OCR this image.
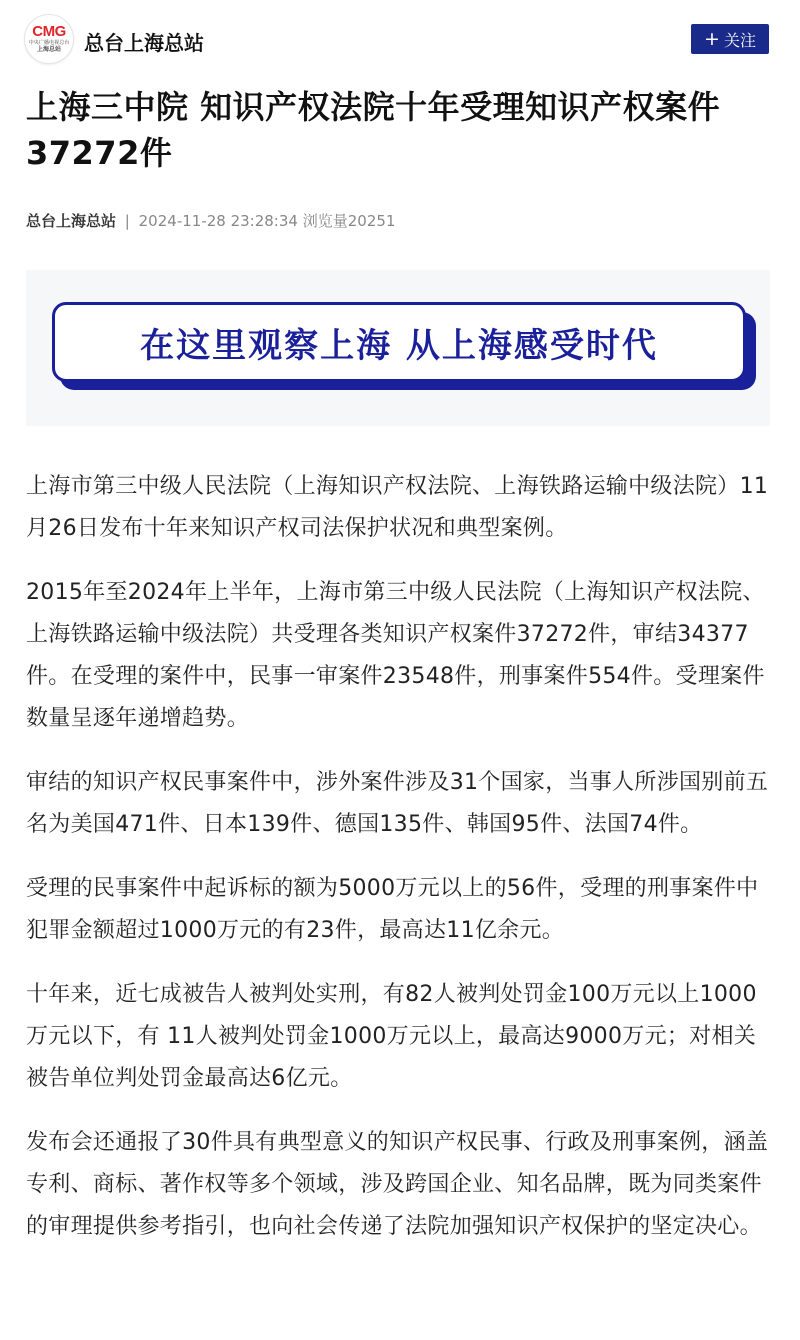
CMG
中央广播电视总台
上海总站 总台上海总站	+ 关注
上海三中院 知识产权法院十年受理知识产权案件37272件
总台上海总站 | 2024-11-28 23:28:34 浏览量20251
在这里观察上海 从上海感受时代

上海市第三中级人民法院（上海知识产权法院、上海铁路运输中级法院）11月26日发布十年来知识产权司法保护状况和典型案例。

2015年至2024年上半年，上海市第三中级人民法院（上海知识产权法院、上海铁路运输中级法院）共受理各类知识产权案件37272件，审结34377件。在受理的案件中，民事一审案件23548件，刑事案件554件。受理案件数量呈逐年递增趋势。

审结的知识产权民事案件中，涉外案件涉及31个国家，当事人所涉国别前五名为美国471件、日本139件、德国135件、韩国95件、法国74件。

受理的民事案件中起诉标的额为5000万元以上的56件，受理的刑事案件中犯罪金额超过1000万元的有23件，最高达11亿余元。

十年来，近七成被告人被判处实刑，有82人被判处罚金100万元以上1000万元以下，有 11人被判处罚金1000万元以上，最高达9000万元；对相关被告单位判处罚金最高达6亿元。

发布会还通报了30件具有典型意义的知识产权民事、行政及刑事案例，涵盖专利、商标、著作权等多个领域，涉及跨国企业、知名品牌，既为同类案件的审理提供参考指引，也向社会传递了法院加强知识产权保护的坚定决心。
